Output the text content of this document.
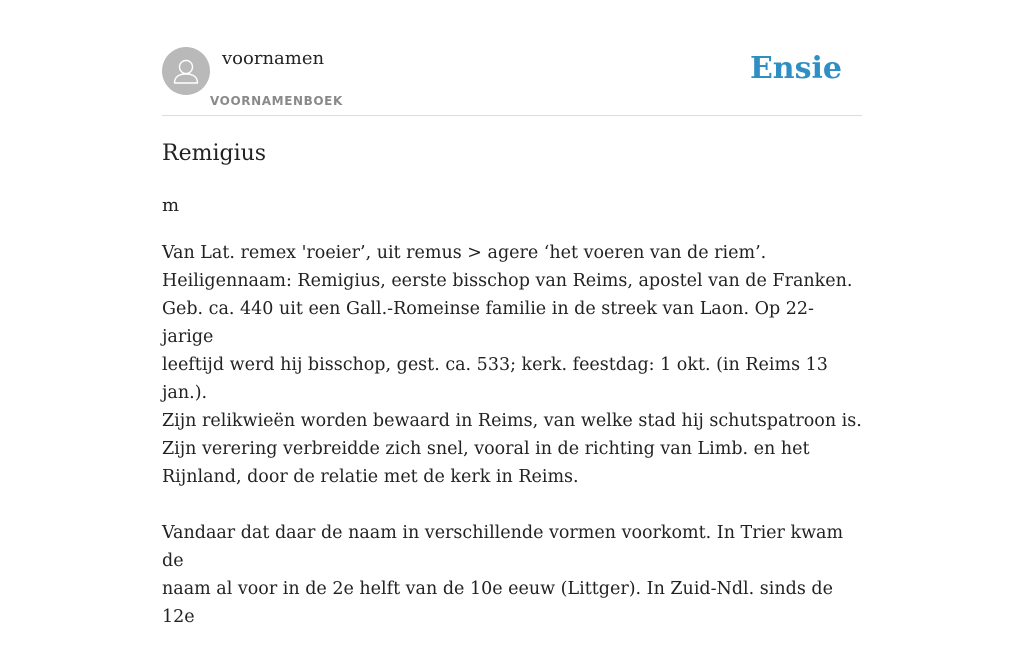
voornamen
VOORNAMENBOEK
Ensie
Remigius
m

Van Lat. remex 'roeier’, uit remus > agere ‘het voeren van de riem’.
Heiligennaam: Remigius, eerste bisschop van Reims, apostel van de Franken.
Geb. ca. 440 uit een Gall.-Romeinse familie in de streek van Laon. Op 22-jarige
leeftijd werd hij bisschop, gest. ca. 533; kerk. feestdag: 1 okt. (in Reims 13 jan.).
Zijn relikwieën worden bewaard in Reims, van welke stad hij schutspatroon is.
Zijn verering verbreidde zich snel, vooral in de richting van Limb. en het
Rijnland, door de relatie met de kerk in Reims.

Vandaar dat daar de naam in verschillende vormen voorkomt. In Trier kwam de
naam al voor in de 2e helft van de 10e eeuw (Littger). In Zuid-Ndl. sinds de 12e
